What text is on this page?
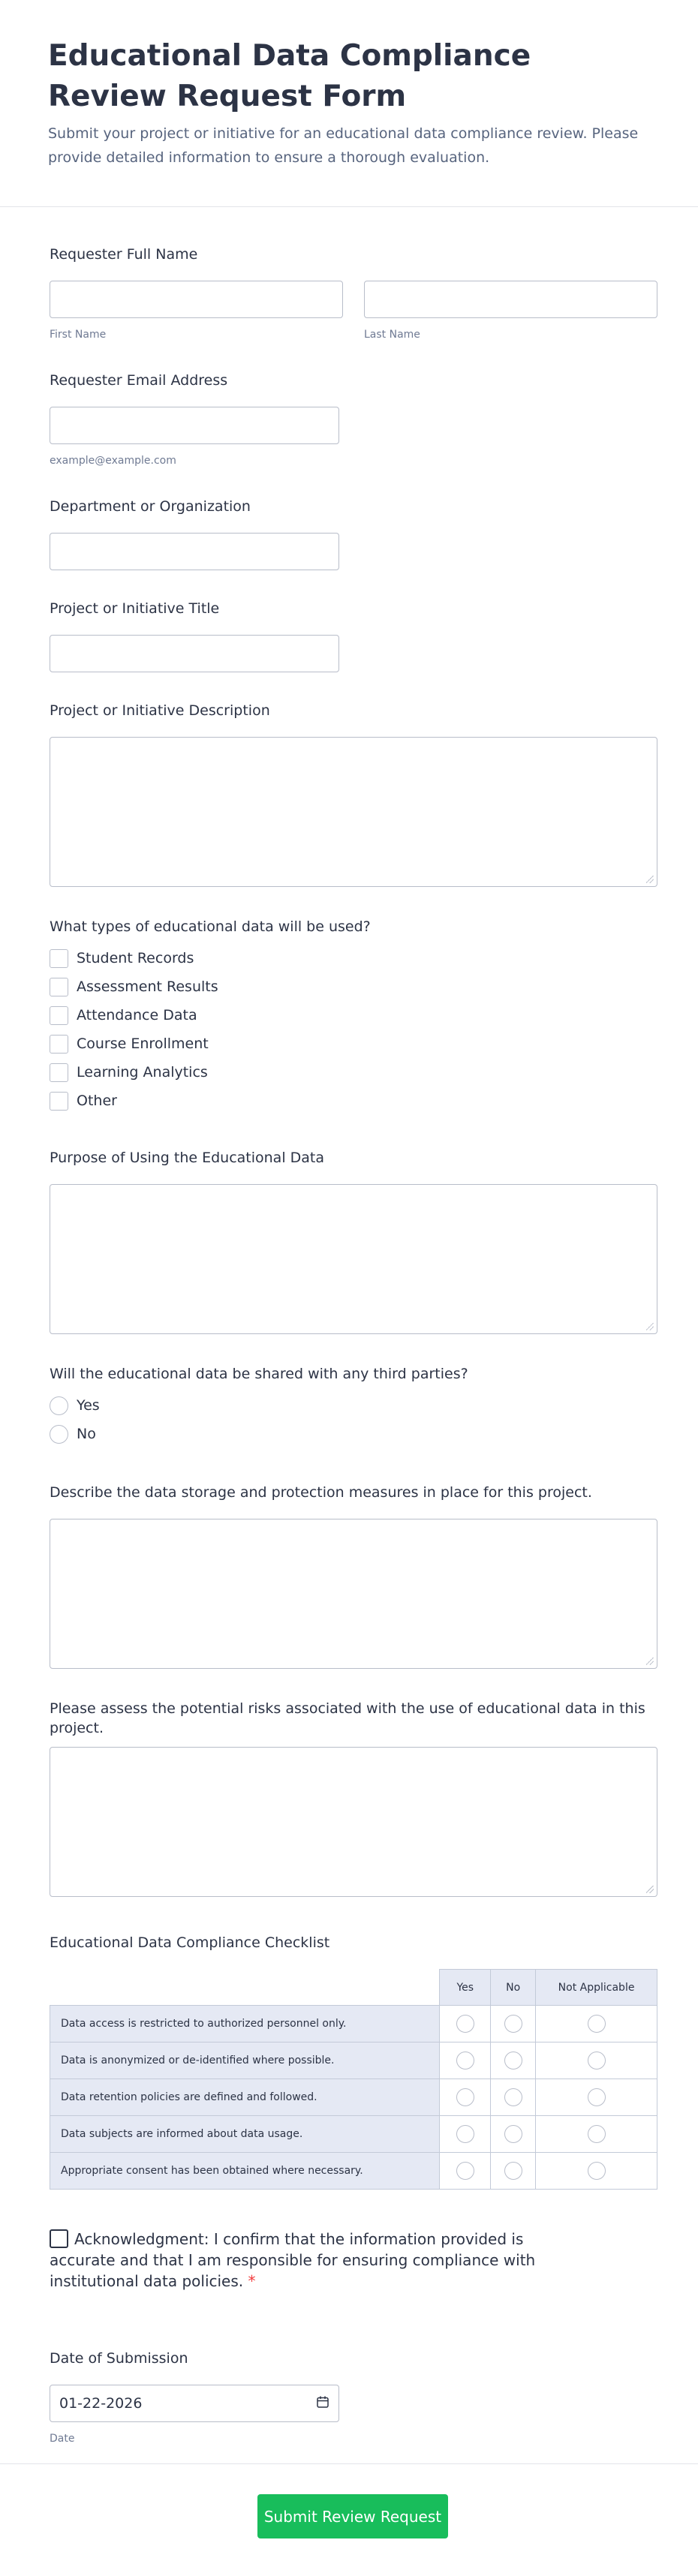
Educational Data Compliance Review Request Form

Submit your project or initiative for an educational data compliance review. Please provide detailed information to ensure a thorough evaluation.

Requester Full Name
First Name	Last Name
Requester Email Address
example@example.com
Department or Organization
Project or Initiative Title
Project or Initiative Description
What types of educational data will be used?
Student Records
Assessment Results
Attendance Data
Course Enrollment
Learning Analytics
Other
Purpose of Using the Educational Data
Will the educational data be shared with any third parties?
Yes
No
Describe the data storage and protection measures in place for this project.
Please assess the potential risks associated with the use of educational data in this project.
Educational Data Compliance Checklist
	Yes	No	Not Applicable
Data access is restricted to authorized personnel only.			
Data is anonymized or de-identified where possible.			
Data retention policies are defined and followed.			
Data subjects are informed about data usage.			
Appropriate consent has been obtained where necessary.			
Acknowledgment: I confirm that the information provided is accurate and that I am responsible for ensuring compliance with institutional data policies. *
Date of Submission
01-22-2026
Date
Submit Review Request
